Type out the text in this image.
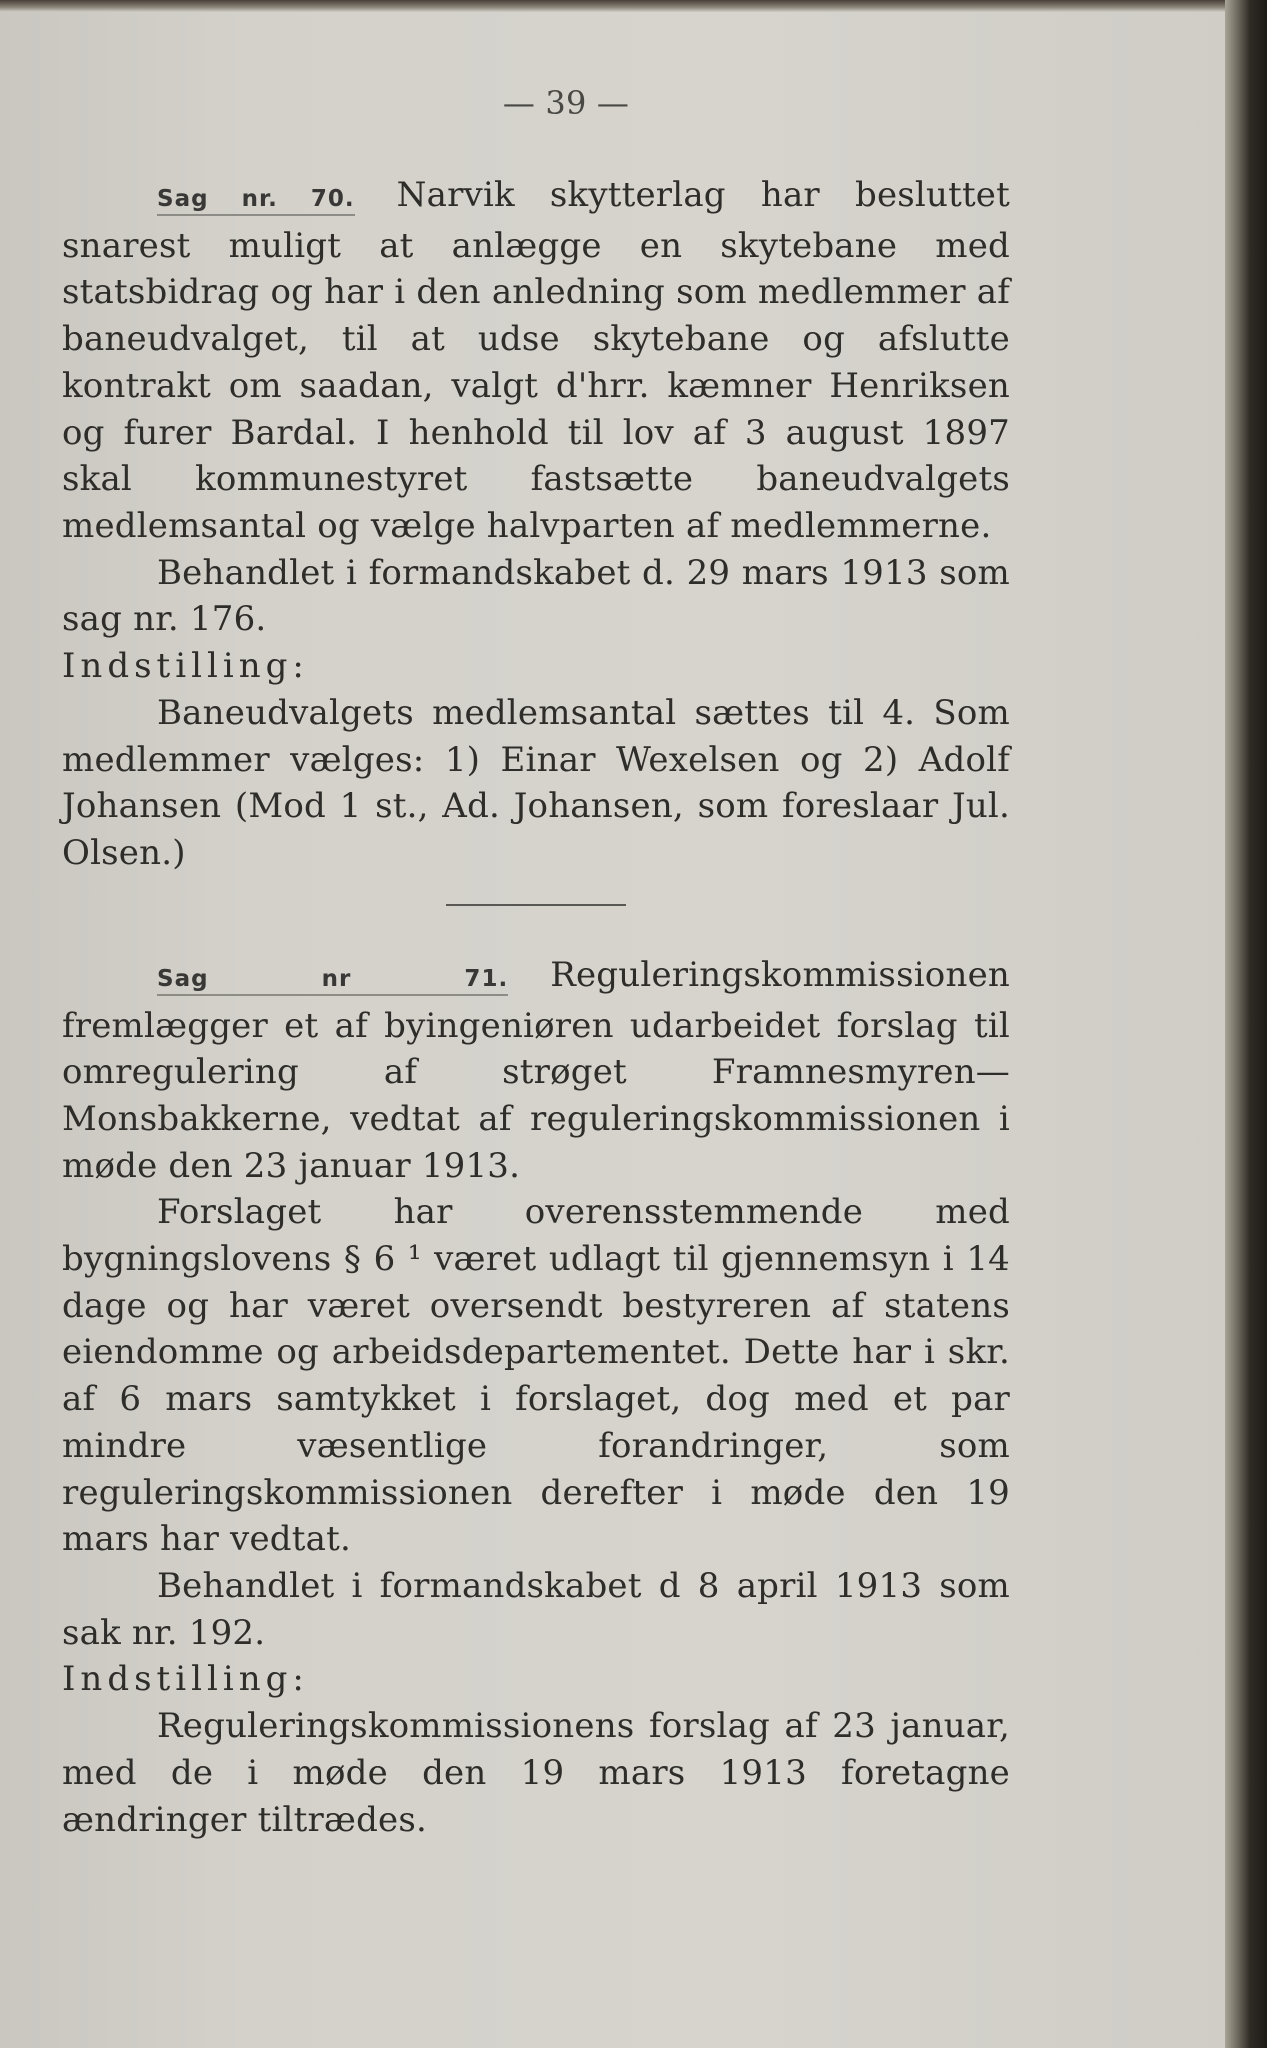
— 39 —

Sag nr. 70. Narvik skytterlag har besluttet snarest muligt at anlægge en skytebane med statsbidrag og har i den anledning som medlemmer af baneudvalget, til at udse skytebane og afslutte kontrakt om saadan, valgt d'hrr. kæmner Henriksen og furer Bardal. I henhold til lov af 3 august 1897 skal kommunestyret fastsætte baneudvalgets medlemsantal og vælge halvparten af medlemmerne.

Behandlet i formandskabet d. 29 mars 1913 som sag nr. 176.

Indstilling:

Baneudvalgets medlemsantal sættes til 4. Som medlemmer vælges: 1) Einar Wexelsen og 2) Adolf Johansen (Mod 1 st., Ad. Johansen, som foreslaar Jul. Olsen.)

Sag nr 71. Reguleringskommissionen fremlægger et af byingeniøren udarbeidet forslag til omregulering af strøget Framnesmyren—Monsbakkerne, vedtat af reguleringskommissionen i møde den 23 januar 1913.

Forslaget har overensstemmende med bygningslovens § 6 ¹ været udlagt til gjennemsyn i 14 dage og har været oversendt bestyreren af statens eiendomme og arbeidsdepartementet. Dette har i skr. af 6 mars samtykket i forslaget, dog med et par mindre væsentlige forandringer, som reguleringskommissionen derefter i møde den 19 mars har vedtat.

Behandlet i formandskabet d 8 april 1913 som sak nr. 192.

Indstilling:

Reguleringskommissionens forslag af 23 januar, med de i møde den 19 mars 1913 foretagne ændringer tiltrædes.
